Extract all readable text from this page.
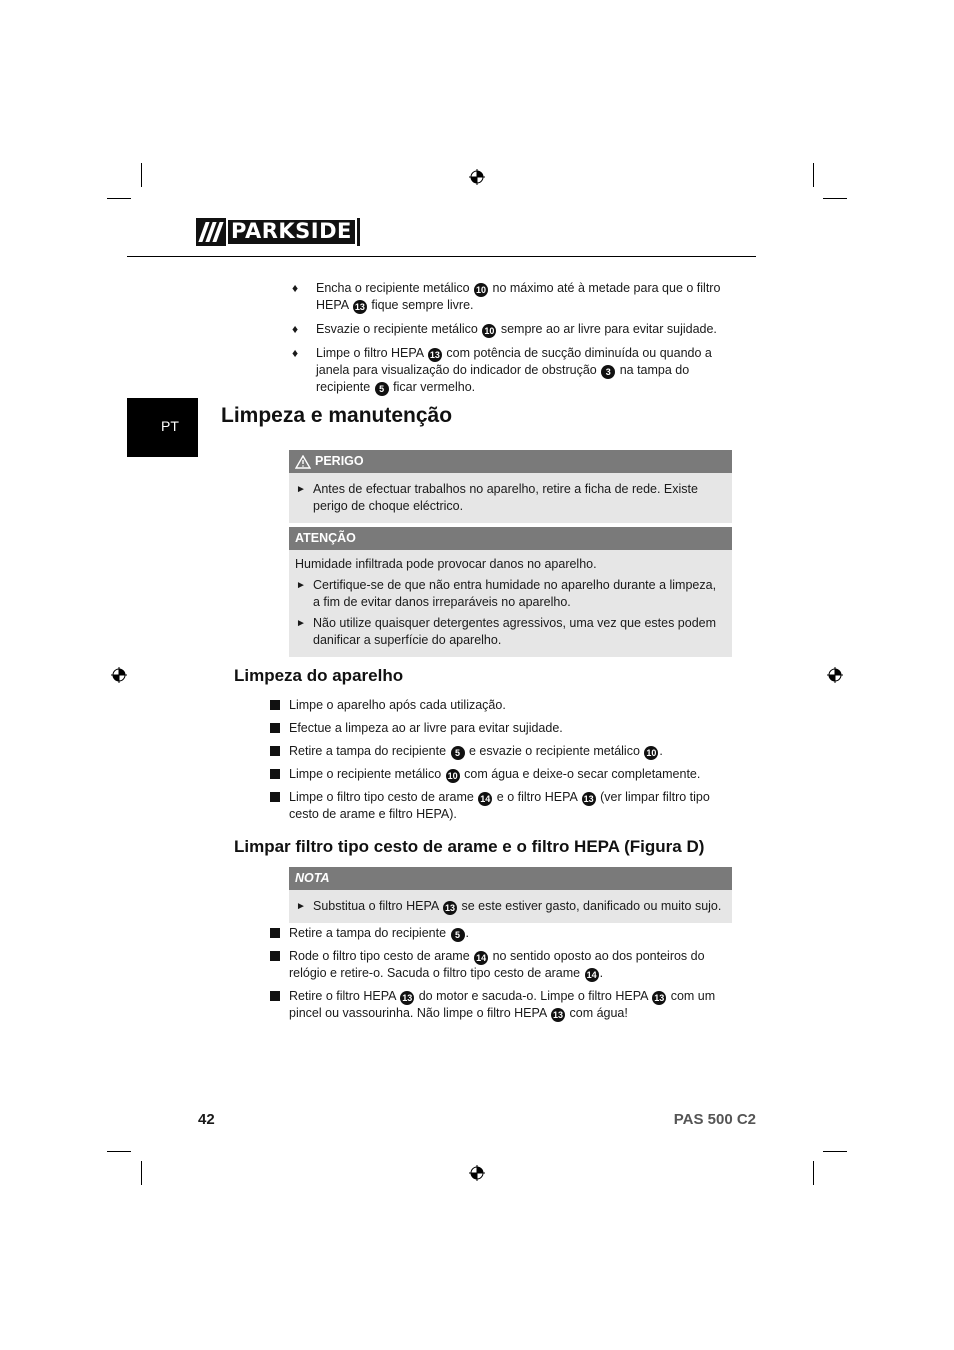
PARKSIDE
♦ Encha o recipiente metálico 10 no máximo até à metade para que o filtro HEPA 13 fique sempre livre.
♦ Esvazie o recipiente metálico 10 sempre ao ar livre para evitar sujidade.
♦ Limpe o filtro HEPA 13 com potência de sucção diminuída ou quando a janela para visualização do indicador de obstrução 3 na tampa do recipiente 5 ficar vermelho.
PT	Limpeza e manutenção
PERIGO
► Antes de efectuar trabalhos no aparelho, retire a ficha de rede. Existe perigo de choque eléctrico.
ATENÇÃO
Humidade infiltrada pode provocar danos no aparelho.
► Certifique-se de que não entra humidade no aparelho durante a limpeza, a fim de evitar danos irreparáveis no aparelho.
► Não utilize quaisquer detergentes agressivos, uma vez que estes podem danificar a superfície do aparelho.
Limpeza do aparelho
Limpe o aparelho após cada utilização.
Efectue a limpeza ao ar livre para evitar sujidade.
Retire a tampa do recipiente 5 e esvazie o recipiente metálico 10 .
Limpe o recipiente metálico 10 com água e deixe-o secar completamente.
Limpe o filtro tipo cesto de arame 14 e o filtro HEPA 13 (ver limpar filtro tipo cesto de arame e filtro HEPA).
Limpar filtro tipo cesto de arame e o filtro HEPA (Figura D)
NOTA
► Substitua o filtro HEPA 13 se este estiver gasto, danificado ou muito sujo.
Retire a tampa do recipiente 5 .
Rode o filtro tipo cesto de arame 14 no sentido oposto ao dos ponteiros do relógio e retire-o. Sacuda o filtro tipo cesto de arame 14 .
Retire o filtro HEPA 13 do motor e sacuda-o. Limpe o filtro HEPA 13 com um pincel ou vassourinha. Não limpe o filtro HEPA 13 com água!
42	PAS 500 C2
